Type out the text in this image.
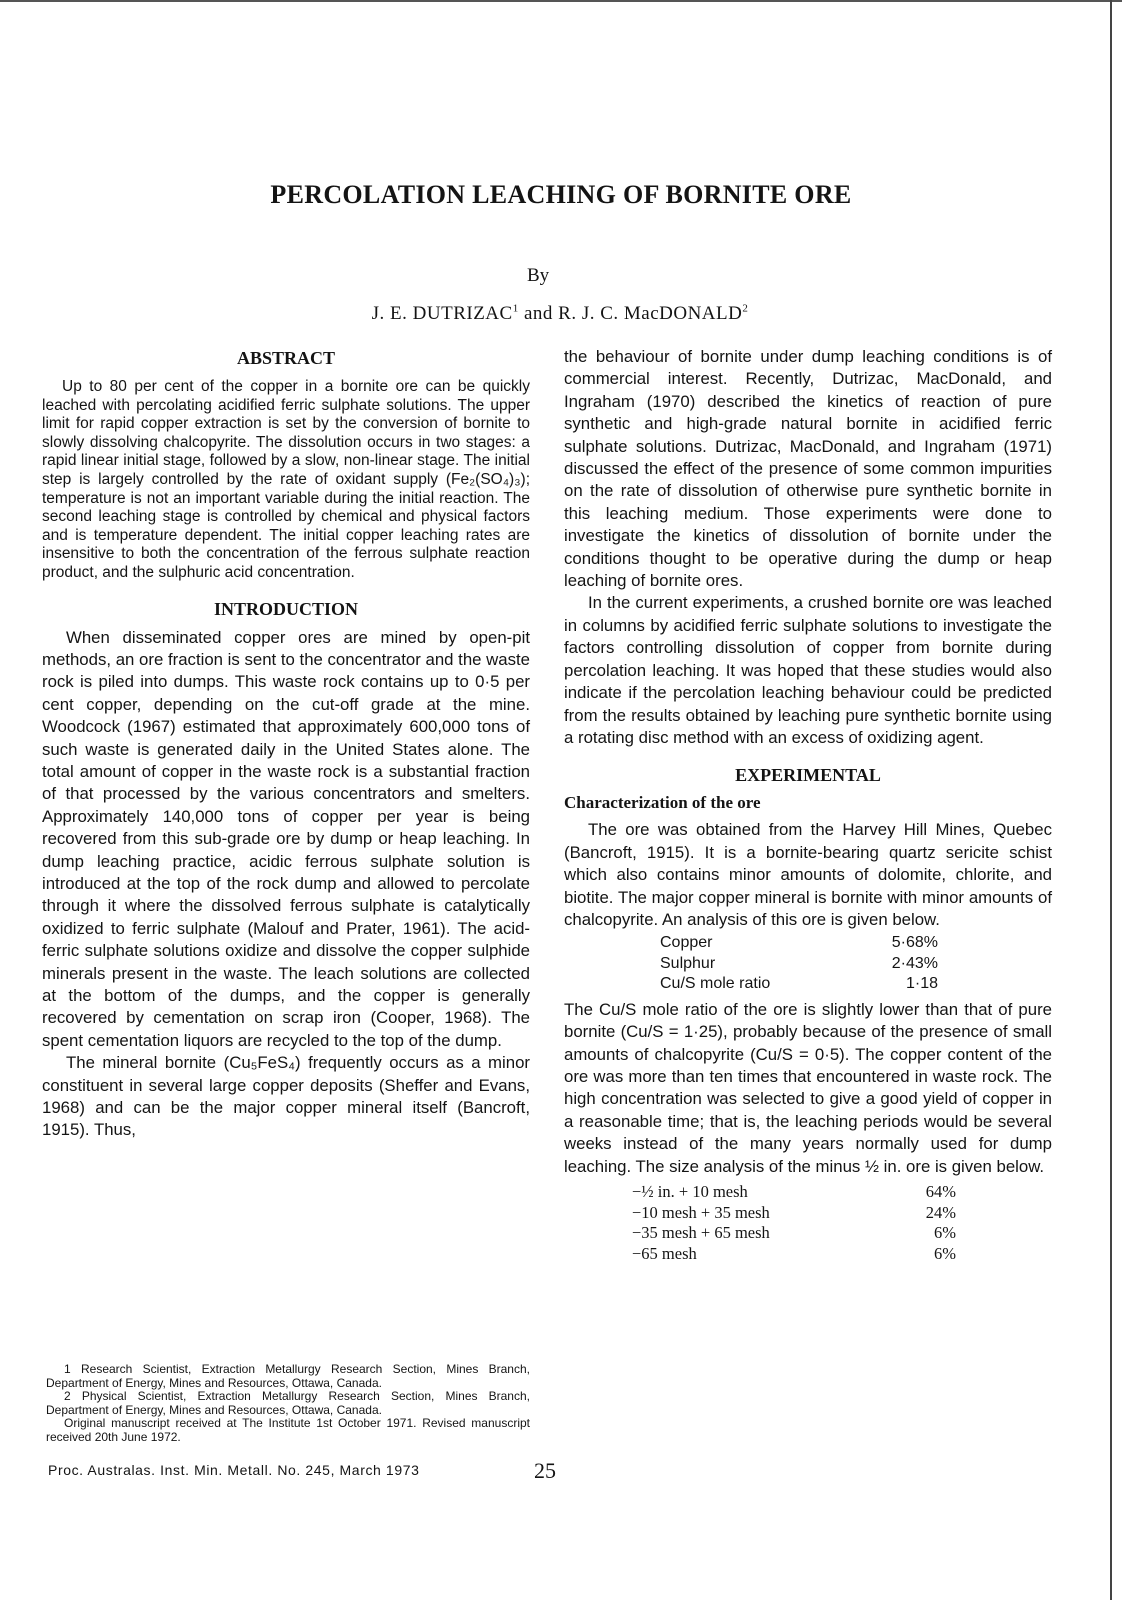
PERCOLATION LEACHING OF BORNITE ORE
By
J. E. DUTRIZAC$^1$ and R. J. C. MacDONALD$^2$
ABSTRACT

Up to 80 per cent of the copper in a bornite ore can be quickly leached with percolating acidified ferric sulphate solutions. The upper limit for rapid copper extraction is set by the conversion of bornite to slowly dissolving chalcopyrite. The dissolution occurs in two stages: a rapid linear initial stage, followed by a slow, non-linear stage. The initial step is largely controlled by the rate of oxidant supply (Fe₂(SO₄)₃); temperature is not an important variable during the initial reaction. The second leaching stage is controlled by chemical and physical factors and is temperature dependent. The initial copper leaching rates are insensitive to both the concentration of the ferrous sulphate reaction product, and the sulphuric acid concentration.

INTRODUCTION

When disseminated copper ores are mined by open-pit methods, an ore fraction is sent to the concentrator and the waste rock is piled into dumps. This waste rock contains up to 0·5 per cent copper, depending on the cut-off grade at the mine. Woodcock (1967) estimated that approximately 600,000 tons of such waste is generated daily in the United States alone. The total amount of copper in the waste rock is a substantial fraction of that processed by the various concentrators and smelters. Approximately 140,000 tons of copper per year is being recovered from this sub-grade ore by dump or heap leaching. In dump leaching practice, acidic ferrous sulphate solution is introduced at the top of the rock dump and allowed to percolate through it where the dissolved ferrous sulphate is catalytically oxidized to ferric sulphate (Malouf and Prater, 1961). The acid-ferric sulphate solutions oxidize and dissolve the copper sulphide minerals present in the waste. The leach solutions are collected at the bottom of the dumps, and the copper is generally recovered by cementation on scrap iron (Cooper, 1968). The spent cementation liquors are recycled to the top of the dump.

The mineral bornite (Cu₅FeS₄) frequently occurs as a minor constituent in several large copper deposits (Sheffer and Evans, 1968) and can be the major copper mineral itself (Bancroft, 1915). Thus,

1 Research Scientist, Extraction Metallurgy Research Section, Mines Branch, Department of Energy, Mines and Resources, Ottawa, Canada.

2 Physical Scientist, Extraction Metallurgy Research Section, Mines Branch, Department of Energy, Mines and Resources, Ottawa, Canada.

Original manuscript received at The Institute 1st October 1971. Revised manuscript received 20th June 1972.

the behaviour of bornite under dump leaching conditions is of commercial interest. Recently, Dutrizac, MacDonald, and Ingraham (1970) described the kinetics of reaction of pure synthetic and high-grade natural bornite in acidified ferric sulphate solutions. Dutrizac, MacDonald, and Ingraham (1971) discussed the effect of the presence of some common impurities on the rate of dissolution of otherwise pure synthetic bornite in this leaching medium. Those experiments were done to investigate the kinetics of dissolution of bornite under the conditions thought to be operative during the dump or heap leaching of bornite ores.

In the current experiments, a crushed bornite ore was leached in columns by acidified ferric sulphate solutions to investigate the factors controlling dissolution of copper from bornite during percolation leaching. It was hoped that these studies would also indicate if the percolation leaching behaviour could be predicted from the results obtained by leaching pure synthetic bornite using a rotating disc method with an excess of oxidizing agent.

EXPERIMENTAL
Characterization of the ore

The ore was obtained from the Harvey Hill Mines, Quebec (Bancroft, 1915). It is a bornite-bearing quartz sericite schist which also contains minor amounts of dolomite, chlorite, and biotite. The major copper mineral is bornite with minor amounts of chalcopyrite. An analysis of this ore is given below.

Copper	5·68%
Sulphur	2·43%
Cu/S mole ratio	1·18

The Cu/S mole ratio of the ore is slightly lower than that of pure bornite (Cu/S = 1·25), probably because of the presence of small amounts of chalcopyrite (Cu/S = 0·5). The copper content of the ore was more than ten times that encountered in waste rock. The high concentration was selected to give a good yield of copper in a reasonable time; that is, the leaching periods would be several weeks instead of the many years normally used for dump leaching. The size analysis of the minus ½ in. ore is given below.

−½ in. + 10 mesh	64%
−10 mesh + 35 mesh	24%
−35 mesh + 65 mesh	6%
−65 mesh	6%
Proc. Australas. Inst. Min. Metall. No. 245, March 1973	25
